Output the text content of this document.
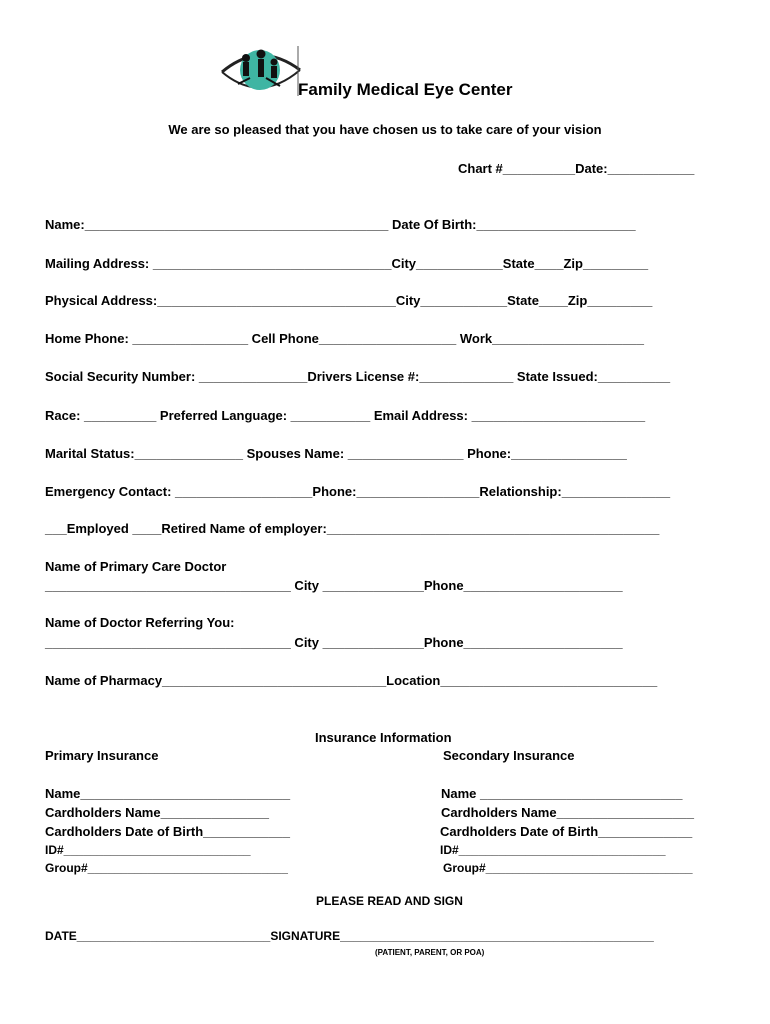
Family Medical Eye Center
We are so pleased that you have chosen us to take care of your vision
Chart #__________Date:____________
Name:__________________________________________ Date Of Birth:______________________
Mailing Address: _________________________________City____________State____Zip_________
Physical Address:_________________________________City____________State____Zip_________
Home Phone: ________________ Cell Phone___________________ Work_____________________
Social Security Number: _______________Drivers License #:_____________ State Issued:__________
Race: __________ Preferred Language: ___________ Email Address: ________________________
Marital Status:_______________ Spouses Name: ________________ Phone:________________
Emergency Contact: ___________________Phone:_________________Relationship:_______________
___Employed ____Retired Name of employer:______________________________________________
Name of Primary Care Doctor
__________________________________ City ______________Phone______________________
Name of Doctor Referring You:
__________________________________ City ______________Phone______________________
Name of Pharmacy_______________________________Location______________________________
Insurance Information
Primary Insurance	Secondary Insurance
Name_____________________________
Cardholders Name_______________
Cardholders Date of Birth____________
ID#____________________________
Group#______________________________
Name ____________________________
Cardholders Name___________________
Cardholders Date of Birth_____________
ID#_______________________________
Group#_______________________________
PLEASE READ AND SIGN
DATE_____________________________SIGNATURE_______________________________________________
(PATIENT, PARENT, OR POA)
